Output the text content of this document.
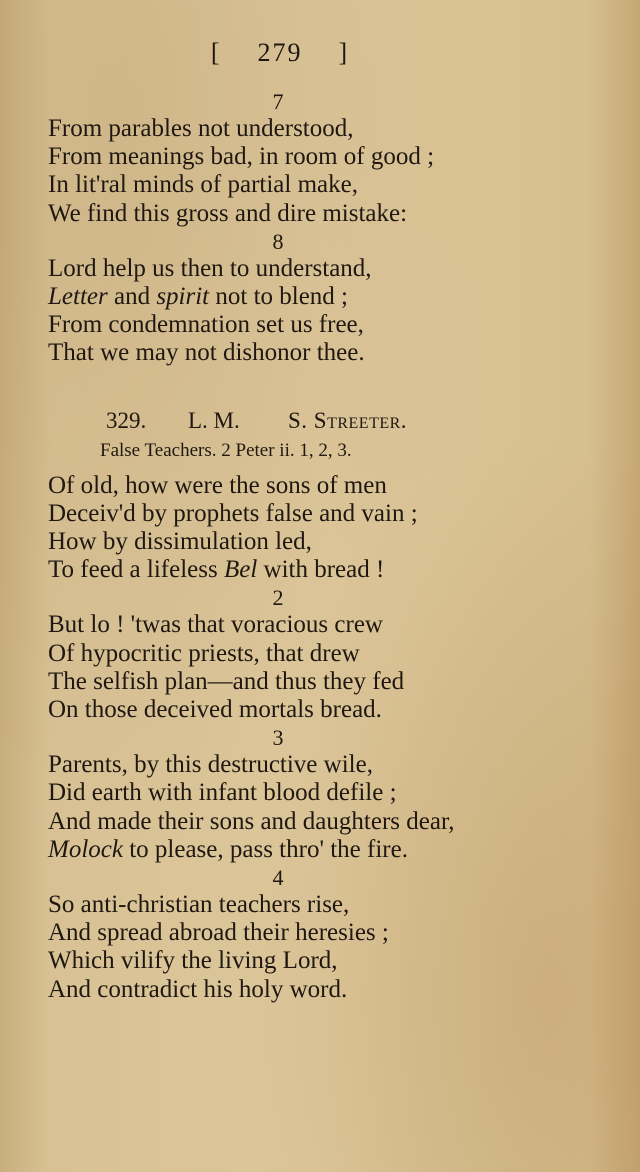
[ 279 ]
7
From parables not understood,
From meanings bad, in room of good ;
In lit'ral minds of partial make,
We find this gross and dire mistake:
8
Lord help us then to understand,
Letter and spirit not to blend ;
From condemnation set us free,
That we may not dishonor thee.
329. L. M. S. Streeter.
False Teachers. 2 Peter ii. 1, 2, 3.
Of old, how were the sons of men
Deceiv'd by prophets false and vain ;
How by dissimulation led,
To feed a lifeless Bel with bread !
2
But lo ! 'twas that voracious crew
Of hypocritic priests, that drew
The selfish plan—and thus they fed
On those deceived mortals bread.
3
Parents, by this destructive wile,
Did earth with infant blood defile ;
And made their sons and daughters dear,
Molock to please, pass thro' the fire.
4
So anti-christian teachers rise,
And spread abroad their heresies ;
Which vilify the living Lord,
And contradict his holy word.
